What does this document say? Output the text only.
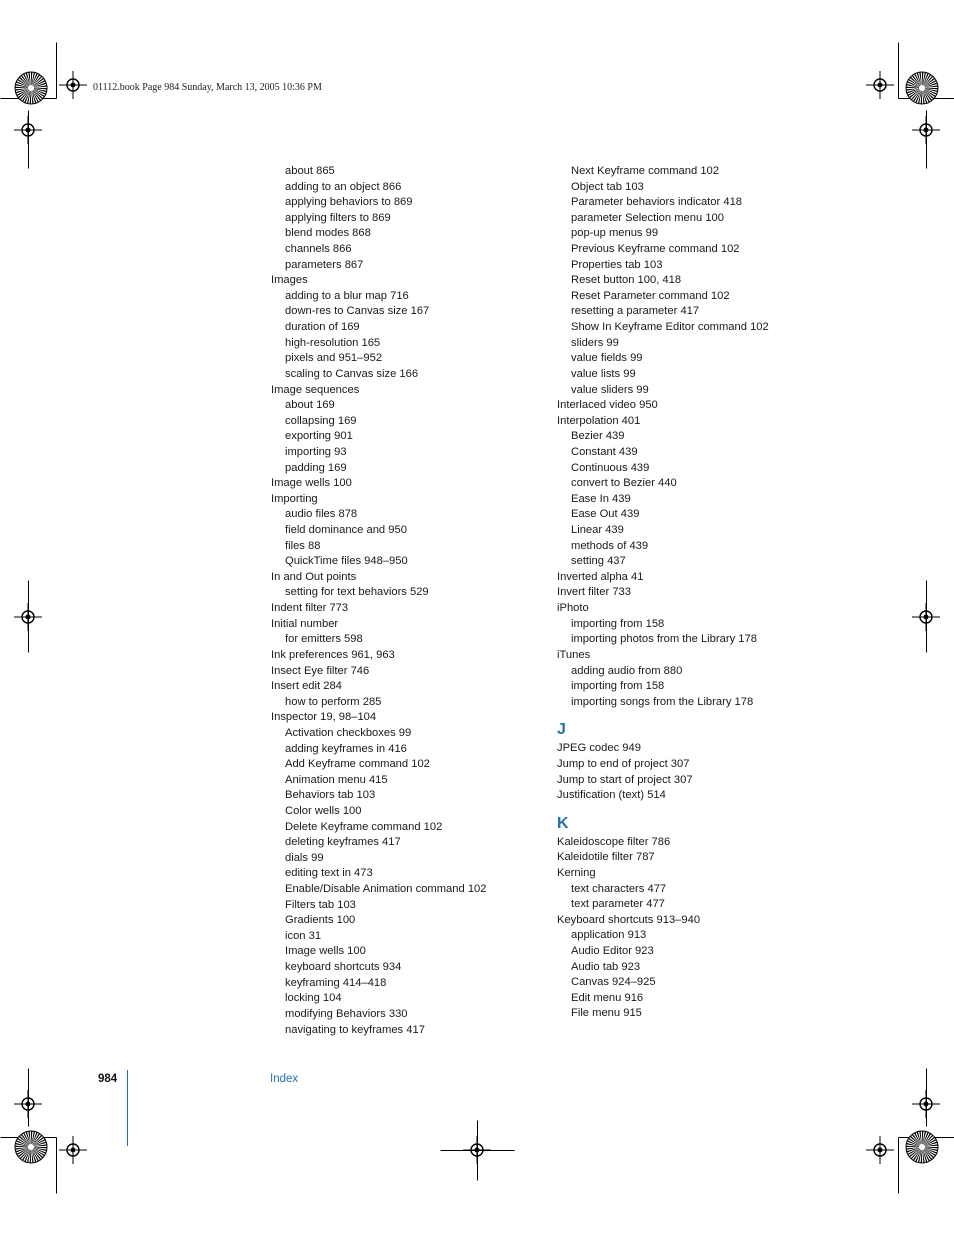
01112.book Page 984 Sunday, March 13, 2005 10:36 PM
about 865
adding to an object 866
applying behaviors to 869
applying filters to 869
blend modes 868
channels 866
parameters 867
Images
adding to a blur map 716
down-res to Canvas size 167
duration of 169
high-resolution 165
pixels and 951–952
scaling to Canvas size 166
Image sequences
about 169
collapsing 169
exporting 901
importing 93
padding 169
Image wells 100
Importing
audio files 878
field dominance and 950
files 88
QuickTime files 948–950
In and Out points
setting for text behaviors 529
Indent filter 773
Initial number
for emitters 598
Ink preferences 961, 963
Insect Eye filter 746
Insert edit 284
how to perform 285
Inspector 19, 98–104
Activation checkboxes 99
adding keyframes in 416
Add Keyframe command 102
Animation menu 415
Behaviors tab 103
Color wells 100
Delete Keyframe command 102
deleting keyframes 417
dials 99
editing text in 473
Enable/Disable Animation command 102
Filters tab 103
Gradients 100
icon 31
Image wells 100
keyboard shortcuts 934
keyframing 414–418
locking 104
modifying Behaviors 330
navigating to keyframes 417
Next Keyframe command 102
Object tab 103
Parameter behaviors indicator 418
parameter Selection menu 100
pop-up menus 99
Previous Keyframe command 102
Properties tab 103
Reset button 100, 418
Reset Parameter command 102
resetting a parameter 417
Show In Keyframe Editor command 102
sliders 99
value fields 99
value lists 99
value sliders 99
Interlaced video 950
Interpolation 401
Bezier 439
Constant 439
Continuous 439
convert to Bezier 440
Ease In 439
Ease Out 439
Linear 439
methods of 439
setting 437
Inverted alpha 41
Invert filter 733
iPhoto
importing from 158
importing photos from the Library 178
iTunes
adding audio from 880
importing from 158
importing songs from the Library 178
J
JPEG codec 949
Jump to end of project 307
Jump to start of project 307
Justification (text) 514
K
Kaleidoscope filter 786
Kaleidotile filter 787
Kerning
text characters 477
text parameter 477
Keyboard shortcuts 913–940
application 913
Audio Editor 923
Audio tab 923
Canvas 924–925
Edit menu 916
File menu 915
984	Index
